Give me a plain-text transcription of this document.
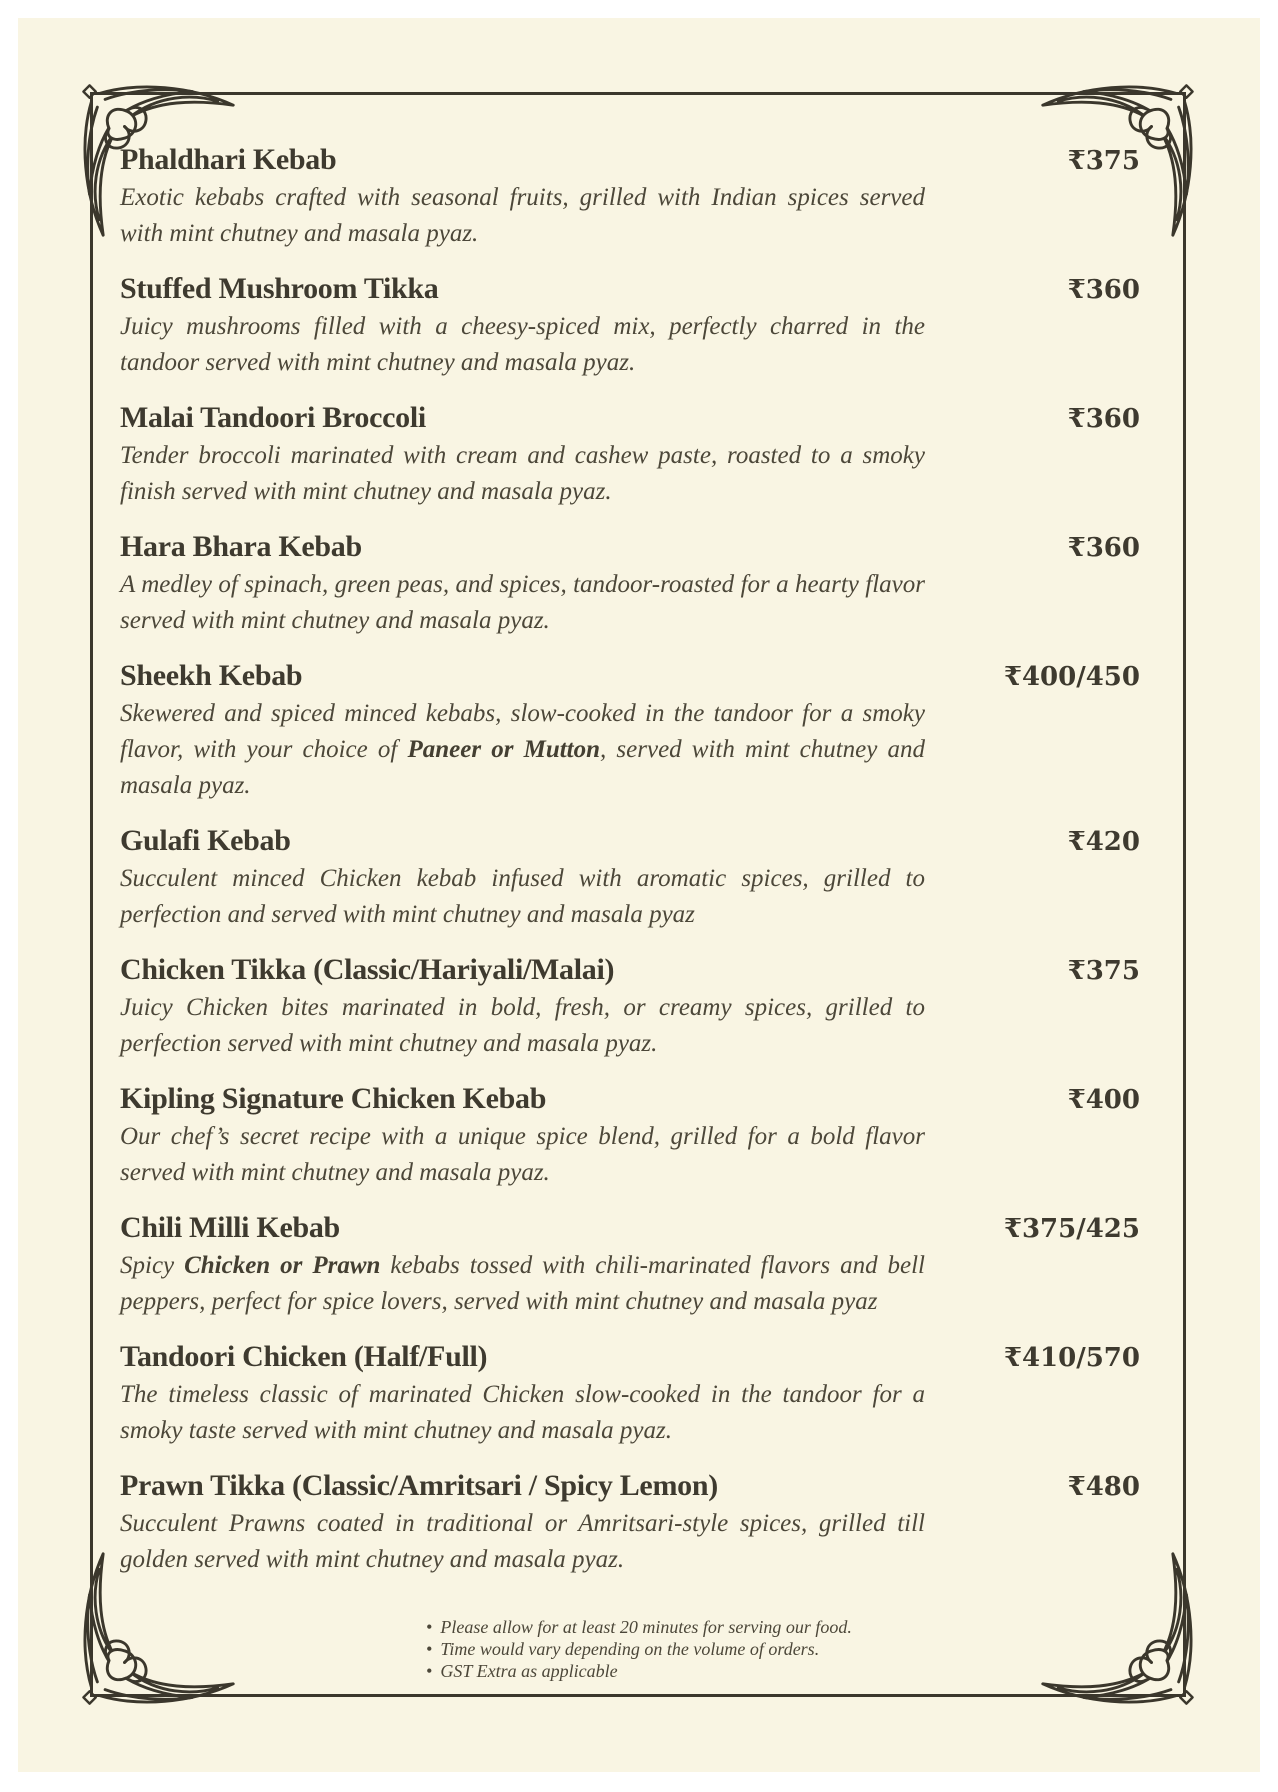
Phaldhari Kebab	₹375

Exotic kebabs crafted with seasonal fruits, grilled with Indian spices served with mint chutney and masala pyaz.

Stuffed Mushroom Tikka	₹360

Juicy mushrooms filled with a cheesy-spiced mix, perfectly charred in the tandoor served with mint chutney and masala pyaz.

Malai Tandoori Broccoli	₹360

Tender broccoli marinated with cream and cashew paste, roasted to a smoky finish served with mint chutney and masala pyaz.

Hara Bhara Kebab	₹360

A medley of spinach, green peas, and spices, tandoor-roasted for a hearty flavor served with mint chutney and masala pyaz.

Sheekh Kebab	₹400/450

Skewered and spiced minced kebabs, slow-cooked in the tandoor for a smoky flavor, with your choice of Paneer or Mutton, served with mint chutney and masala pyaz.

Gulafi Kebab	₹420

Succulent minced Chicken kebab infused with aromatic spices, grilled to perfection and served with mint chutney and masala pyaz

Chicken Tikka (Classic/Hariyali/Malai)	₹375

Juicy Chicken bites marinated in bold, fresh, or creamy spices, grilled to perfection served with mint chutney and masala pyaz.

Kipling Signature Chicken Kebab	₹400

Our chef’s secret recipe with a unique spice blend, grilled for a bold flavor served with mint chutney and masala pyaz.

Chili Milli Kebab	₹375/425

Spicy Chicken or Prawn kebabs tossed with chili-marinated flavors and bell peppers, perfect for spice lovers, served with mint chutney and masala pyaz

Tandoori Chicken (Half/Full)	₹410/570

The timeless classic of marinated Chicken slow-cooked in the tandoor for a smoky taste served with mint chutney and masala pyaz.

Prawn Tikka (Classic/Amritsari / Spicy Lemon)	₹480

Succulent Prawns coated in traditional or Amritsari-style spices, grilled till golden served with mint chutney and masala pyaz.

• Please allow for at least 20 minutes for serving our food.
• Time would vary depending on the volume of orders.
• GST Extra as applicable
